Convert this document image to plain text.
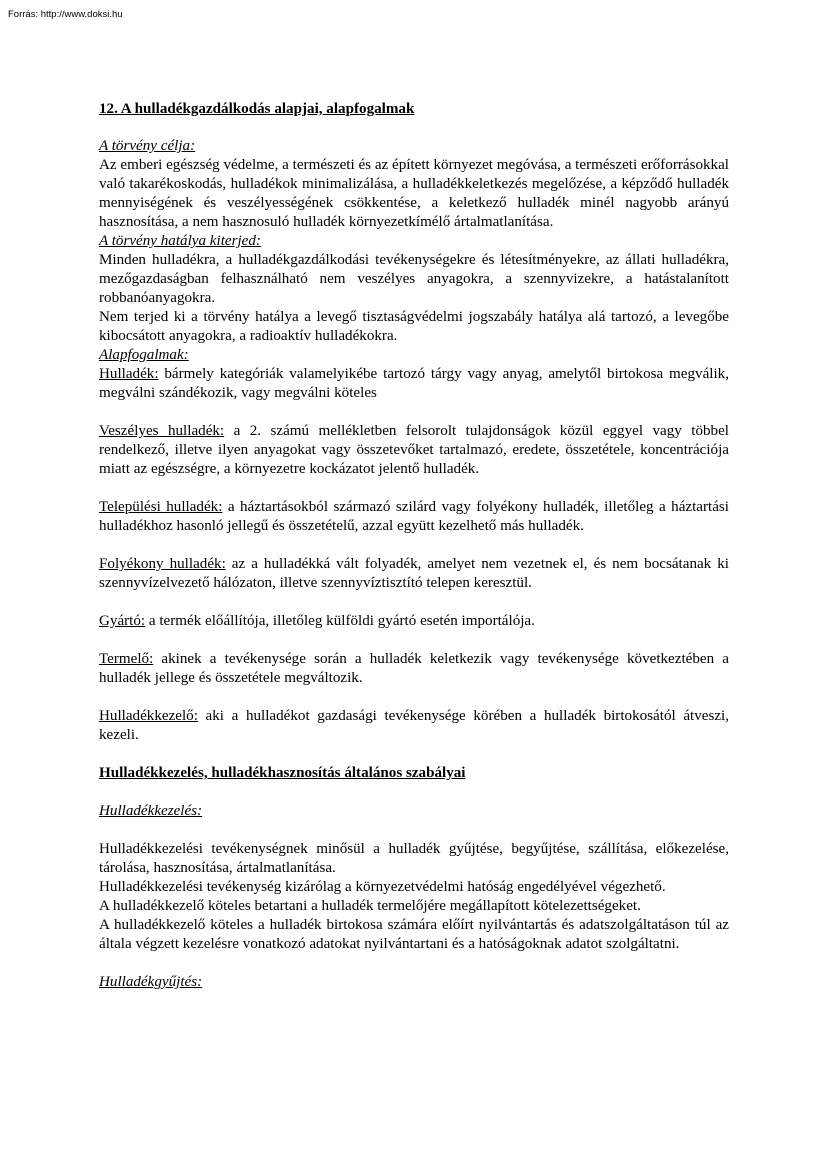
Forrás: http://www.doksi.hu
12. A hulladékgazdálkodás alapjai, alapfogalmak
A törvény célja:

Az emberi egészség védelme, a természeti és az épített környezet megóvása, a természeti erőforrásokkal való takarékoskodás, hulladékok minimalizálása, a hulladékkeletkezés megelőzése, a képződő hulladék mennyiségének és veszélyességének csökkentése, a keletkező hulladék minél nagyobb arányú hasznosítása, a nem hasznosuló hulladék környezetkímélő ártalmatlanítása.

A törvény hatálya kiterjed:

Minden hulladékra, a hulladékgazdálkodási tevékenységekre és létesítményekre, az állati hulladékra, mezőgazdaságban felhasználható nem veszélyes anyagokra, a szennyvizekre, a hatástalanított robbanóanyagokra.

Nem terjed ki a törvény hatálya a levegő tisztaságvédelmi jogszabály hatálya alá tartozó, a levegőbe kibocsátott anyagokra, a radioaktív hulladékokra.

Alapfogalmak:

Hulladék: bármely kategóriák valamelyikébe tartozó tárgy vagy anyag, amelytől birtokosa megválik, megválni szándékozik, vagy megválni köteles

Veszélyes hulladék: a 2. számú mellékletben felsorolt tulajdonságok közül eggyel vagy többel rendelkező, illetve ilyen anyagokat vagy összetevőket tartalmazó, eredete, összetétele, koncentrációja miatt az egészségre, a környezetre kockázatot jelentő hulladék.

Települési hulladék: a háztartásokból származó szilárd vagy folyékony hulladék, illetőleg a háztartási hulladékhoz hasonló jellegű és összetételű, azzal együtt kezelhető más hulladék.

Folyékony hulladék: az a hulladékká vált folyadék, amelyet nem vezetnek el, és nem bocsátanak ki szennyvízelvezető hálózaton, illetve szennyvíztisztító telepen keresztül.

Gyártó: a termék előállítója, illetőleg külföldi gyártó esetén importálója.

Termelő: akinek a tevékenysége során a hulladék keletkezik vagy tevékenysége következtében a hulladék jellege és összetétele megváltozik.

Hulladékkezelő: aki a hulladékot gazdasági tevékenysége körében a hulladék birtokosától átveszi, kezeli.

Hulladékkezelés, hulladékhasznosítás általános szabályai
Hulladékkezelés:

Hulladékkezelési tevékenységnek minősül a hulladék gyűjtése, begyűjtése, szállítása, előkezelése, tárolása, hasznosítása, ártalmatlanítása.

Hulladékkezelési tevékenység kizárólag a környezetvédelmi hatóság engedélyével végezhető.

A hulladékkezelő köteles betartani a hulladék termelőjére megállapított kötelezettségeket.

A hulladékkezelő köteles a hulladék birtokosa számára előírt nyilvántartás és adatszolgáltatáson túl az általa végzett kezelésre vonatkozó adatokat nyilvántartani és a hatóságoknak adatot szolgáltatni.

Hulladékgyűjtés:
